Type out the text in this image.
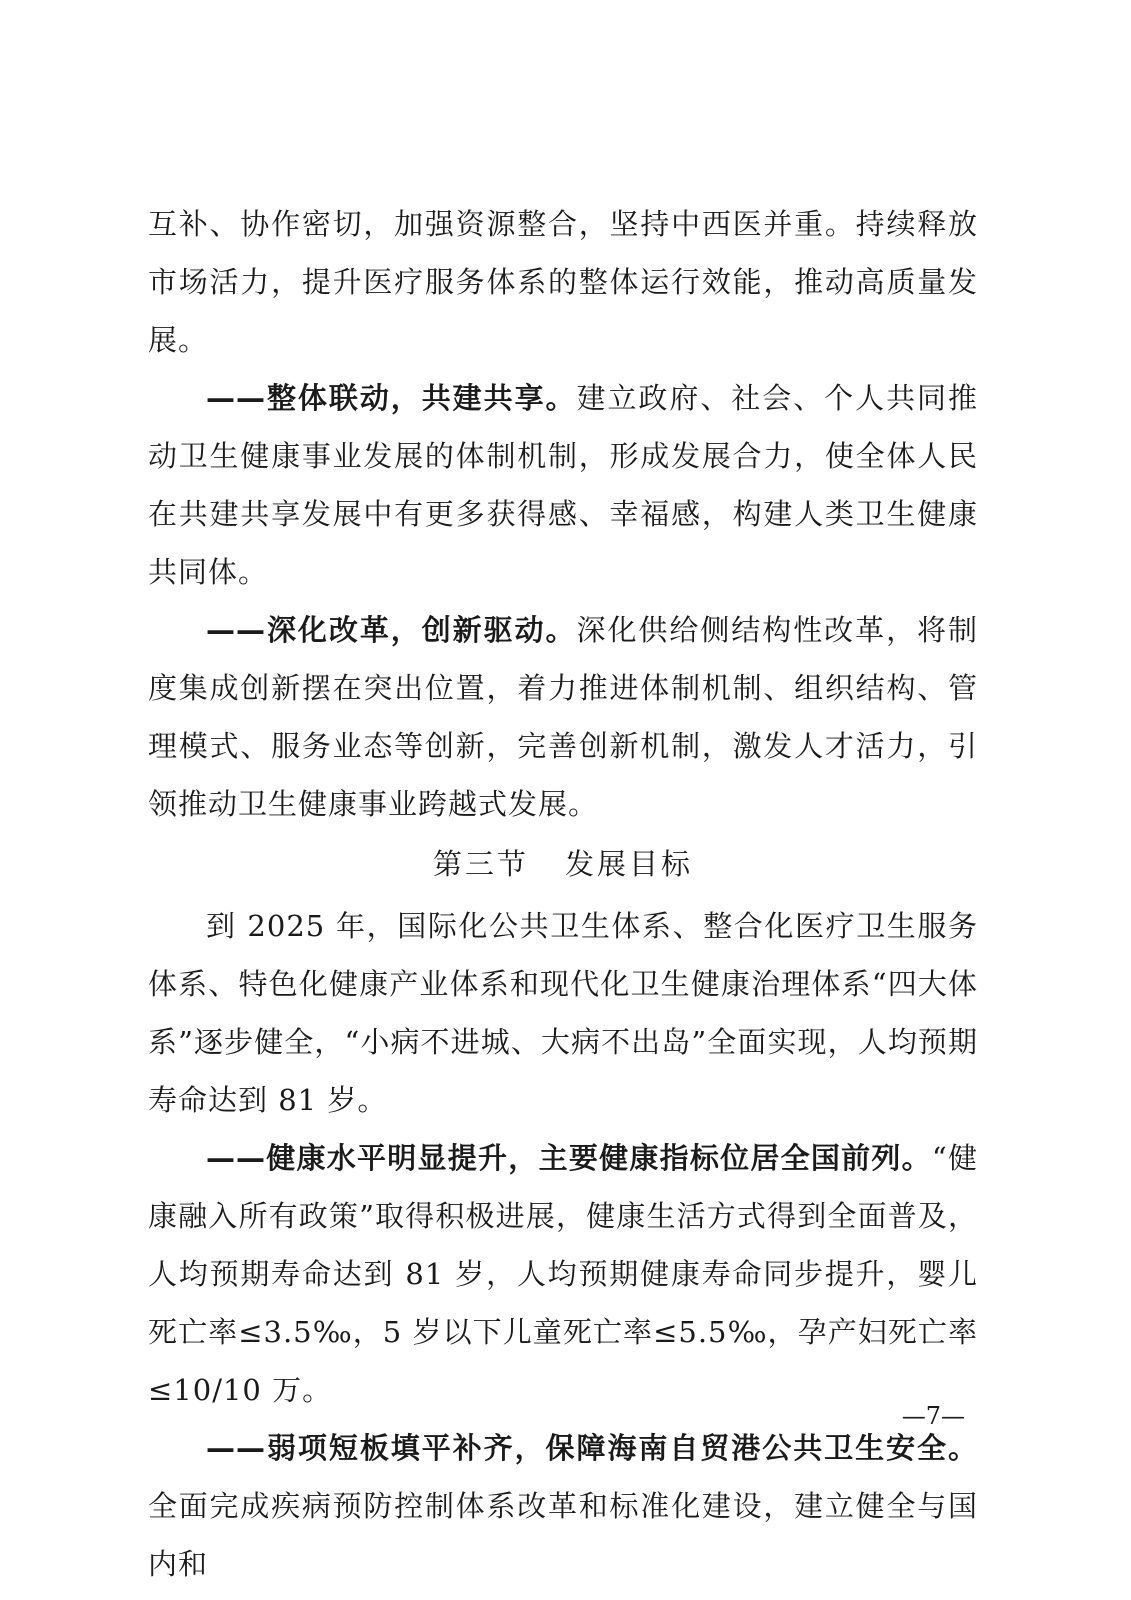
互补、协作密切，加强资源整合，坚持中西医并重。持续释放市场活力，提升医疗服务体系的整体运行效能，推动高质量发展。

——整体联动，共建共享。建立政府、社会、个人共同推动卫生健康事业发展的体制机制，形成发展合力，使全体人民在共建共享发展中有更多获得感、幸福感，构建人类卫生健康共同体。

——深化改革，创新驱动。深化供给侧结构性改革，将制度集成创新摆在突出位置，着力推进体制机制、组织结构、管理模式、服务业态等创新，完善创新机制，激发人才活力，引领推动卫生健康事业跨越式发展。

第三节 发展目标

到 2025 年，国际化公共卫生体系、整合化医疗卫生服务体系、特色化健康产业体系和现代化卫生健康治理体系“四大体系”逐步健全，“小病不进城、大病不出岛”全面实现，人均预期寿命达到 81 岁。

——健康水平明显提升，主要健康指标位居全国前列。“健康融入所有政策”取得积极进展，健康生活方式得到全面普及，人均预期寿命达到 81 岁，人均预期健康寿命同步提升，婴儿死亡率≤3.5‰，5 岁以下儿童死亡率≤5.5‰，孕产妇死亡率≤10/10 万。

——弱项短板填平补齐，保障海南自贸港公共卫生安全。全面完成疾病预防控制体系改革和标准化建设，建立健全与国内和

—7—
